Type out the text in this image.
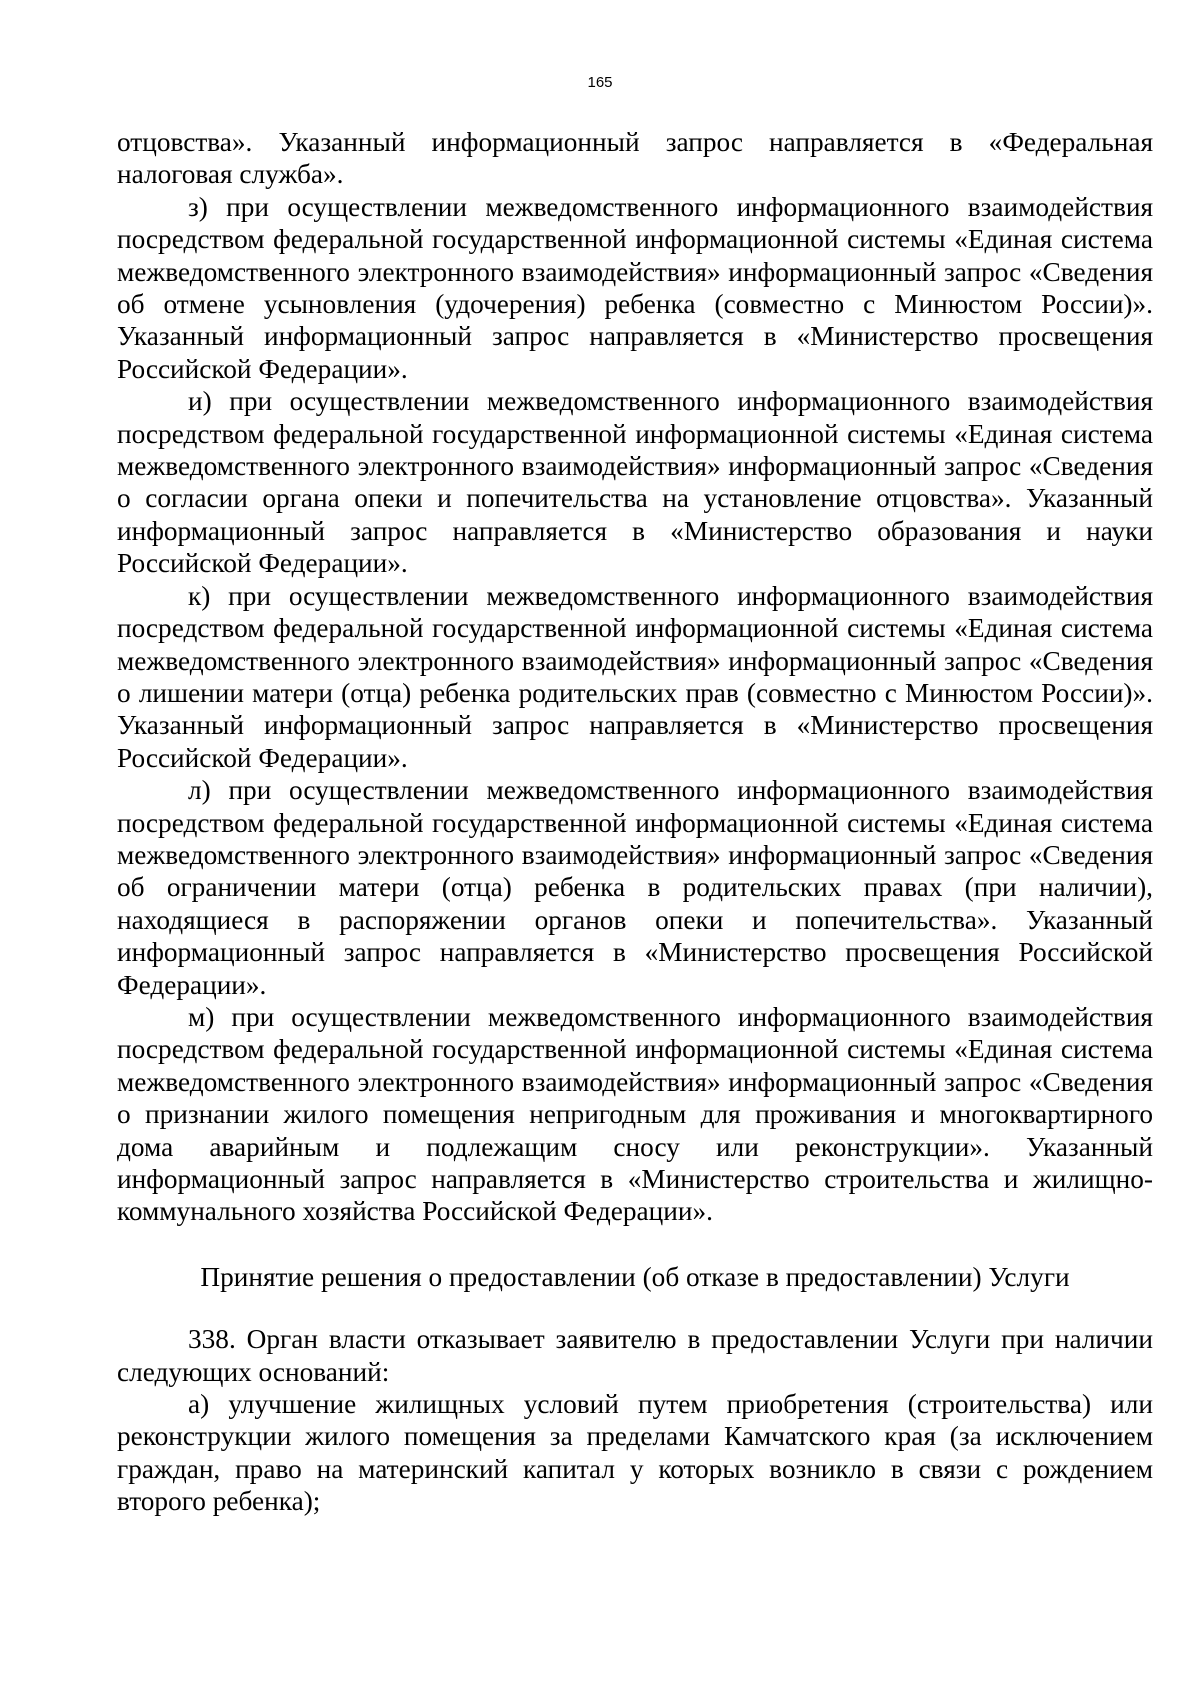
165

отцовства». Указанный информационный запрос направляется в «Федеральная налоговая служба».

з) при осуществлении межведомственного информационного взаимодействия посредством федеральной государственной информационной системы «Единая система межведомственного электронного взаимодействия» информационный запрос «Сведения об отмене усыновления (удочерения) ребенка (совместно с Минюстом России)». Указанный информационный запрос направляется в «Министерство просвещения Российской Федерации».

и) при осуществлении межведомственного информационного взаимодействия посредством федеральной государственной информационной системы «Единая система межведомственного электронного взаимодействия» информационный запрос «Сведения о согласии органа опеки и попечительства на установление отцовства». Указанный информационный запрос направляется в «Министерство образования и науки Российской Федерации».

к) при осуществлении межведомственного информационного взаимодействия посредством федеральной государственной информационной системы «Единая система межведомственного электронного взаимодействия» информационный запрос «Сведения о лишении матери (отца) ребенка родительских прав (совместно с Минюстом России)». Указанный информационный запрос направляется в «Министерство просвещения Российской Федерации».

л) при осуществлении межведомственного информационного взаимодействия посредством федеральной государственной информационной системы «Единая система межведомственного электронного взаимодействия» информационный запрос «Сведения об ограничении матери (отца) ребенка в родительских правах (при наличии), находящиеся в распоряжении органов опеки и попечительства». Указанный информационный запрос направляется в «Министерство просвещения Российской Федерации».

м) при осуществлении межведомственного информационного взаимодействия посредством федеральной государственной информационной системы «Единая система межведомственного электронного взаимодействия» информационный запрос «Сведения о признании жилого помещения непригодным для проживания и многоквартирного дома аварийным и подлежащим сносу или реконструкции». Указанный информационный запрос направляется в «Министерство строительства и жилищно-коммунального хозяйства Российской Федерации».

Принятие решения о предоставлении (об отказе в предоставлении) Услуги

338. Орган власти отказывает заявителю в предоставлении Услуги при наличии следующих оснований:

а) улучшение жилищных условий путем приобретения (строительства) или реконструкции жилого помещения за пределами Камчатского края (за исключением граждан, право на материнский капитал у которых возникло в связи с рождением второго ребенка);
